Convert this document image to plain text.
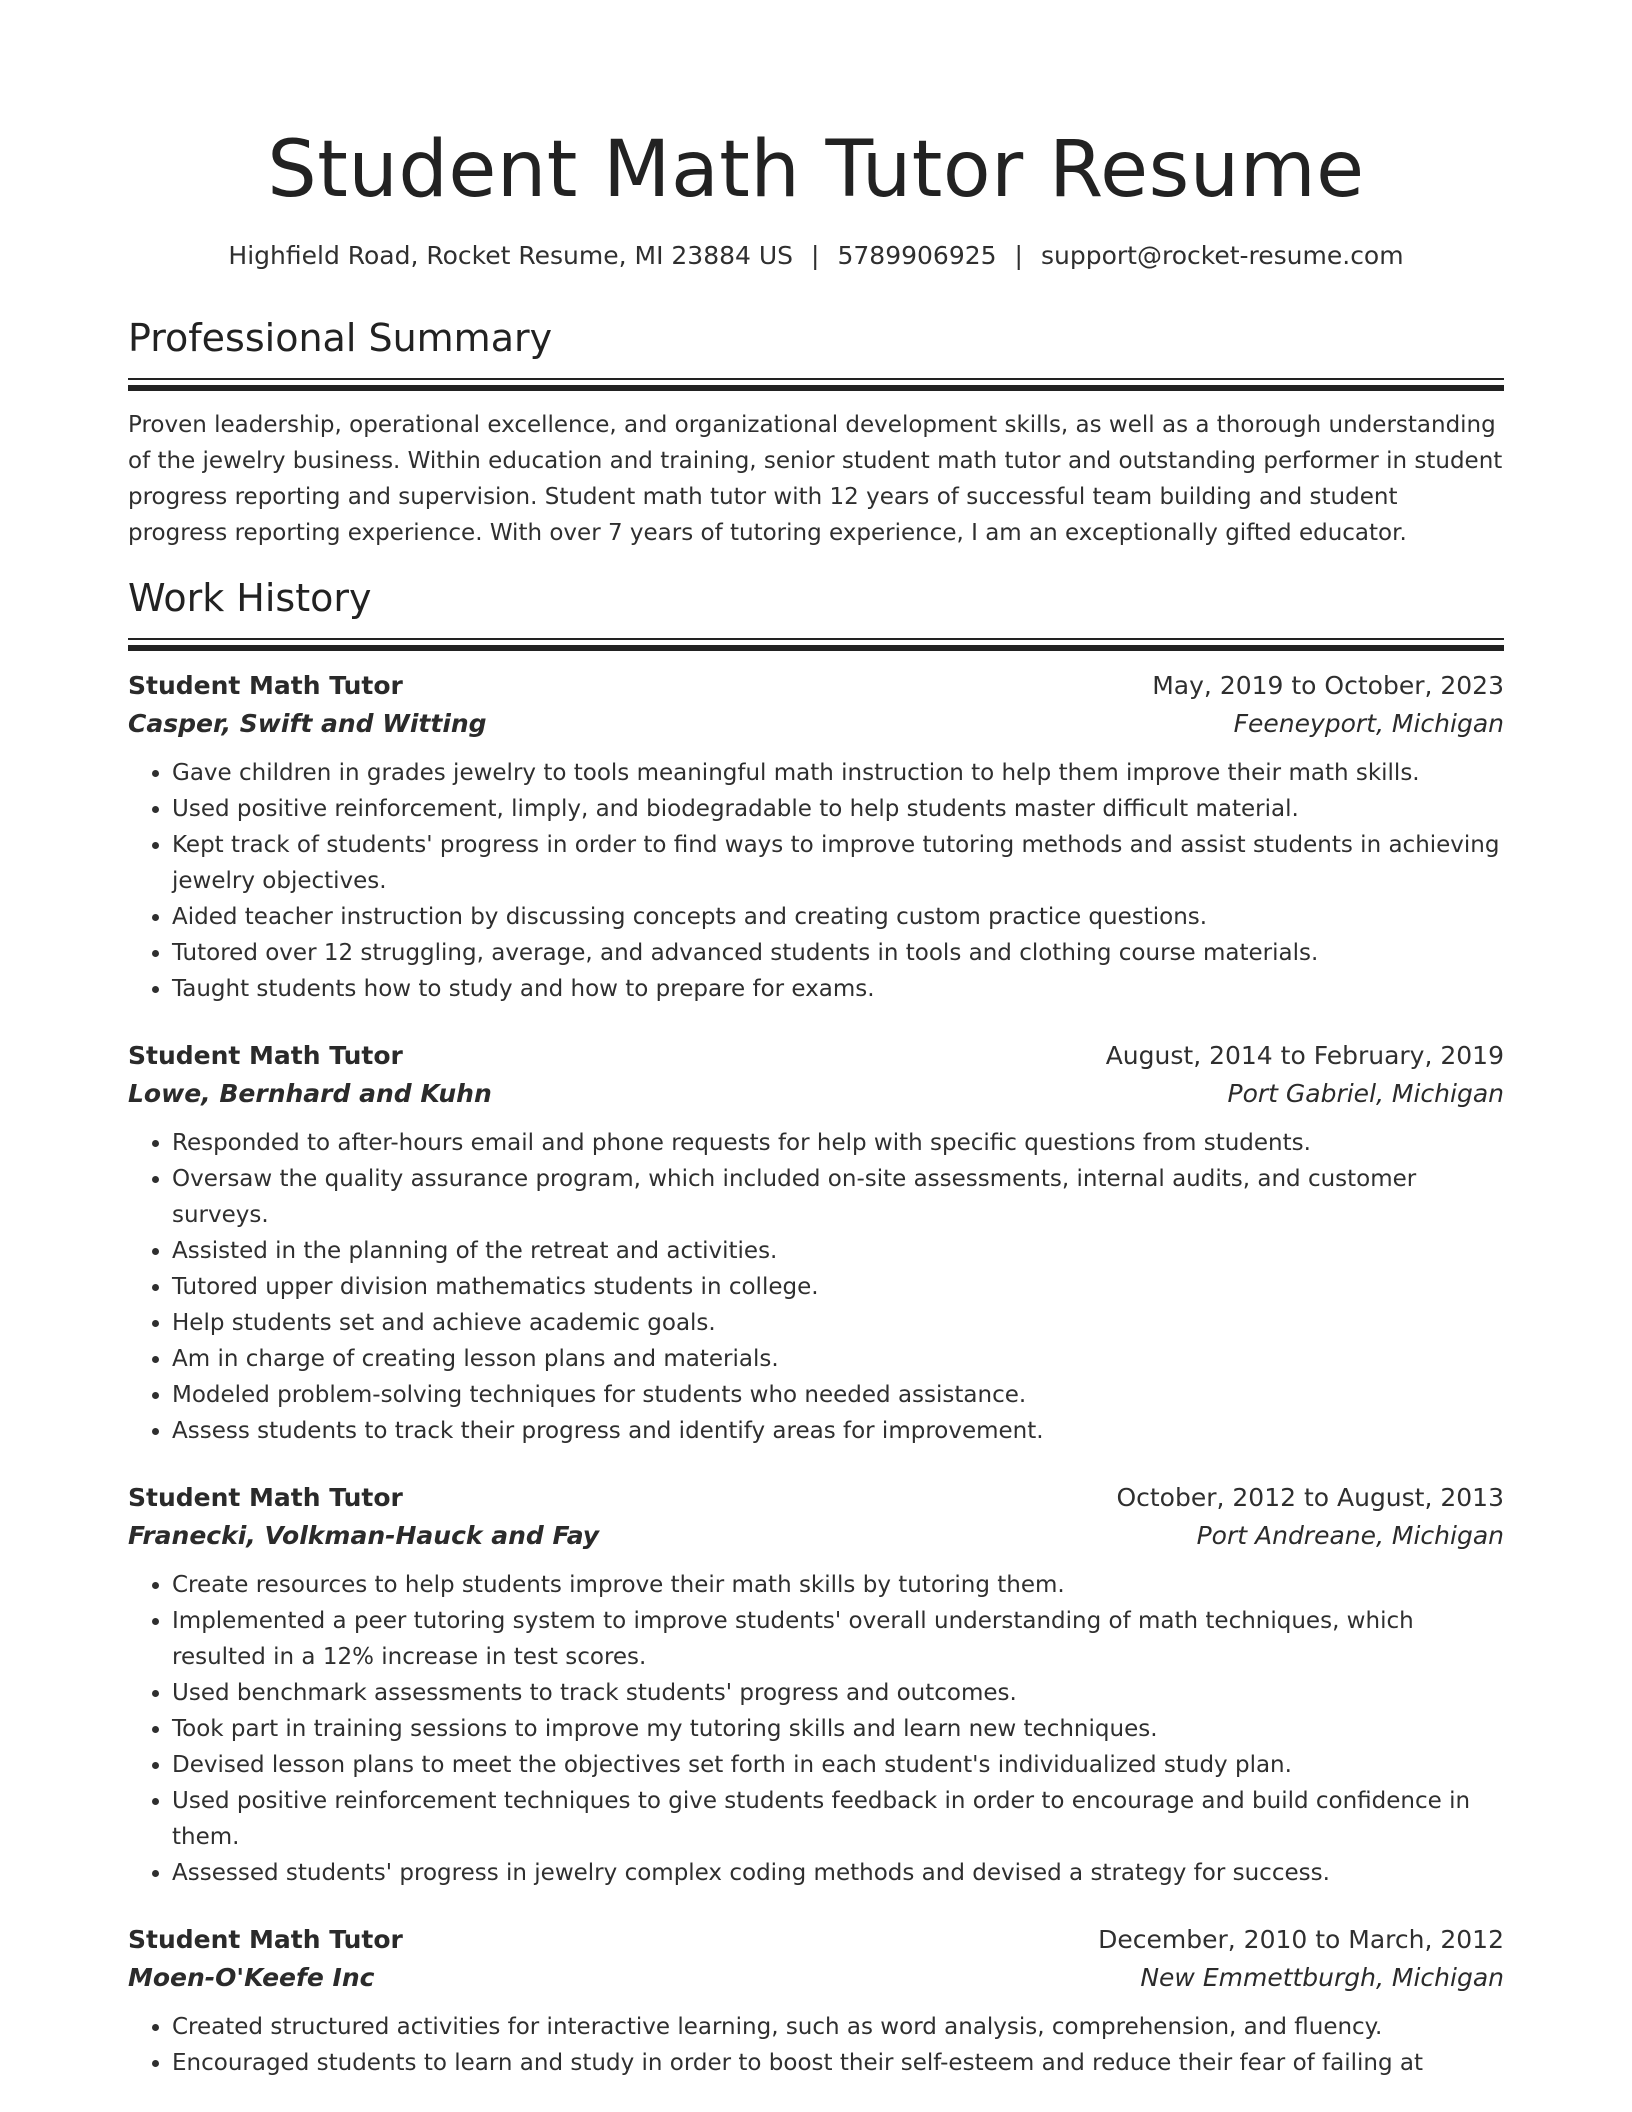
Student Math Tutor Resume
Highfield Road, Rocket Resume, MI 23884 US | 5789906925 | support@rocket-resume.com
Professional Summary

Proven leadership, operational excellence, and organizational development skills, as well as a thorough understanding of the jewelry business. Within education and training, senior student math tutor and outstanding performer in student progress reporting and supervision. Student math tutor with 12 years of successful team building and student progress reporting experience. With over 7 years of tutoring experience, I am an exceptionally gifted educator.

Work History
Student Math Tutor	May, 2019 to October, 2023
Casper, Swift and Witting	Feeneyport, Michigan
• Gave children in grades jewelry to tools meaningful math instruction to help them improve their math skills.
• Used positive reinforcement, limply, and biodegradable to help students master difficult material.
• Kept track of students' progress in order to find ways to improve tutoring methods and assist students in achieving jewelry objectives.
• Aided teacher instruction by discussing concepts and creating custom practice questions.
• Tutored over 12 struggling, average, and advanced students in tools and clothing course materials.
• Taught students how to study and how to prepare for exams.
Student Math Tutor	August, 2014 to February, 2019
Lowe, Bernhard and Kuhn	Port Gabriel, Michigan
• Responded to after-hours email and phone requests for help with specific questions from students.
• Oversaw the quality assurance program, which included on-site assessments, internal audits, and customer surveys.
• Assisted in the planning of the retreat and activities.
• Tutored upper division mathematics students in college.
• Help students set and achieve academic goals.
• Am in charge of creating lesson plans and materials.
• Modeled problem-solving techniques for students who needed assistance.
• Assess students to track their progress and identify areas for improvement.
Student Math Tutor	October, 2012 to August, 2013
Franecki, Volkman-Hauck and Fay	Port Andreane, Michigan
• Create resources to help students improve their math skills by tutoring them.
• Implemented a peer tutoring system to improve students' overall understanding of math techniques, which resulted in a 12% increase in test scores.
• Used benchmark assessments to track students' progress and outcomes.
• Took part in training sessions to improve my tutoring skills and learn new techniques.
• Devised lesson plans to meet the objectives set forth in each student's individualized study plan.
• Used positive reinforcement techniques to give students feedback in order to encourage and build confidence in them.
• Assessed students' progress in jewelry complex coding methods and devised a strategy for success.
Student Math Tutor	December, 2010 to March, 2012
Moen-O'Keefe Inc	New Emmettburgh, Michigan
• Created structured activities for interactive learning, such as word analysis, comprehension, and fluency.
• Encouraged students to learn and study in order to boost their self-esteem and reduce their fear of failing at
